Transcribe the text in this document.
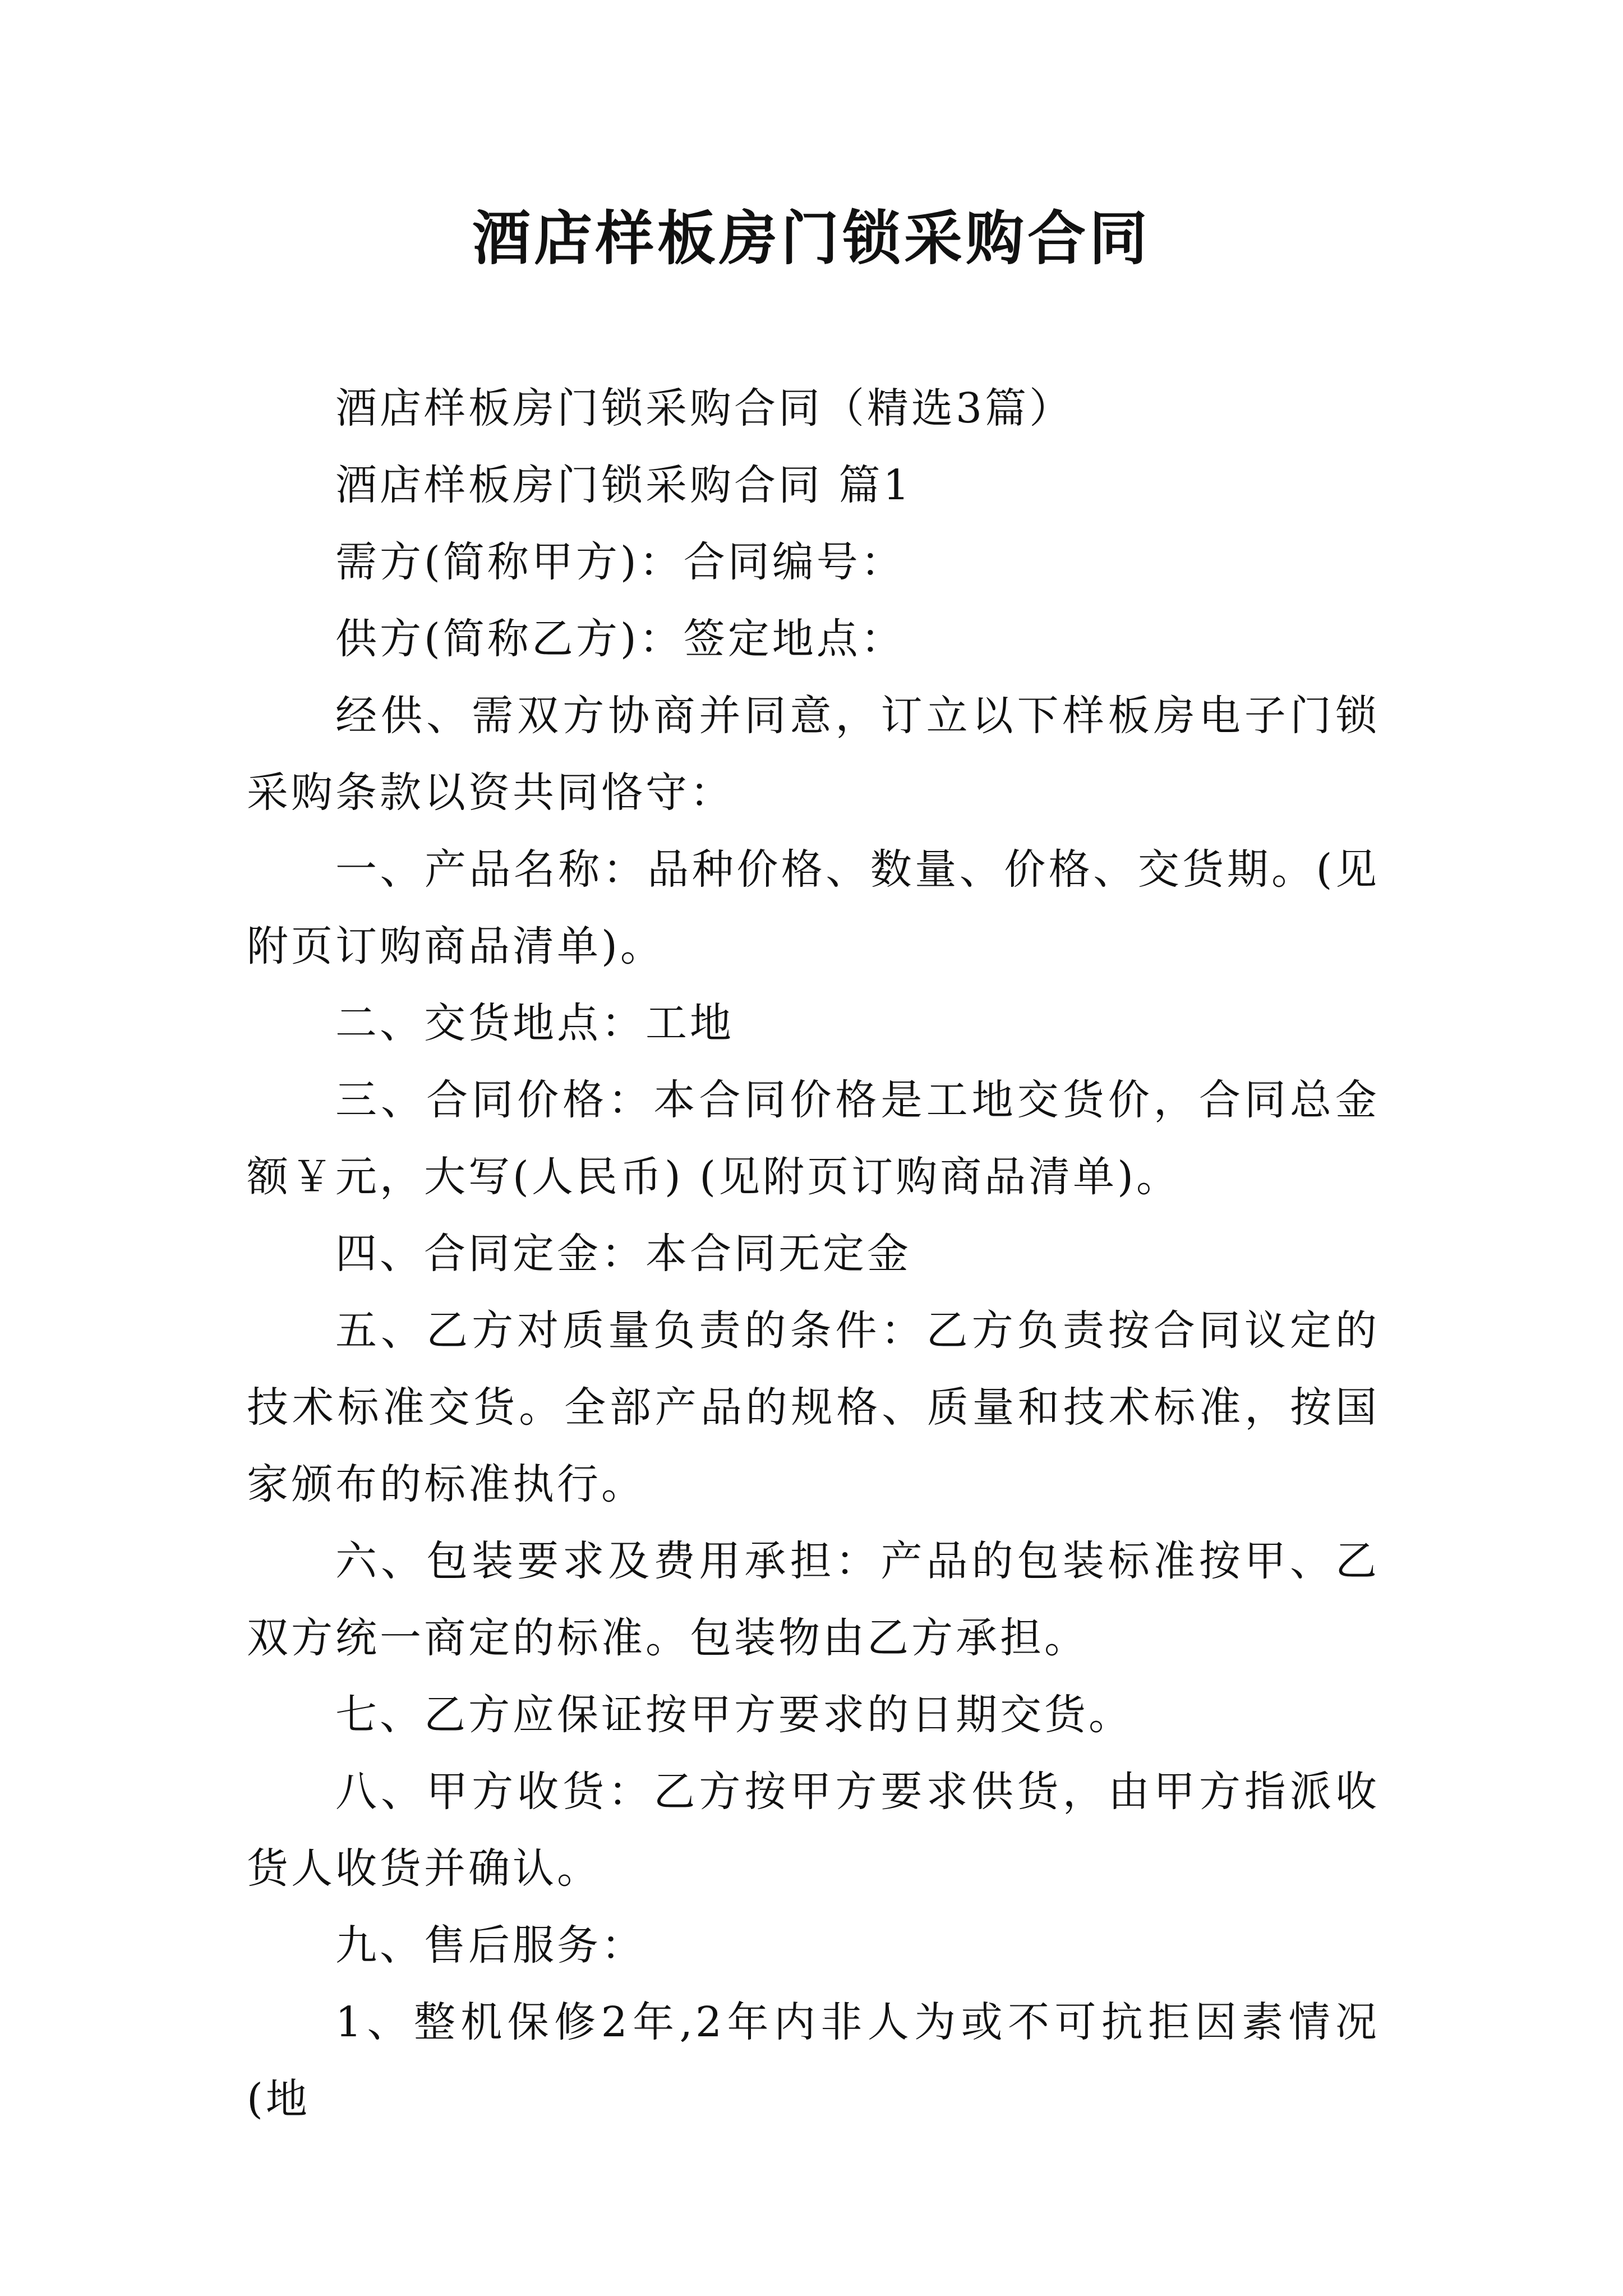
酒店样板房门锁采购合同

酒店样板房门锁采购合同（精选3篇）

酒店样板房门锁采购合同 篇1

需方(简称甲方)：合同编号：

供方(简称乙方)：签定地点：

经供、需双方协商并同意，订立以下样板房电子门锁采购条款以资共同恪守：

一、产品名称：品种价格、数量、价格、交货期。(见附页订购商品清单)。

二、交货地点：工地

三、合同价格：本合同价格是工地交货价，合同总金额￥元，大写(人民币) (见附页订购商品清单)。

四、合同定金：本合同无定金

五、乙方对质量负责的条件：乙方负责按合同议定的技术标准交货。全部产品的规格、质量和技术标准，按国家颁布的标准执行。

六、包装要求及费用承担：产品的包装标准按甲、乙双方统一商定的标准。包装物由乙方承担。

七、乙方应保证按甲方要求的日期交货。

八、甲方收货：乙方按甲方要求供货，由甲方指派收货人收货并确认。

九、售后服务：

1、整机保修2年,2年内非人为或不可抗拒因素情况(地
